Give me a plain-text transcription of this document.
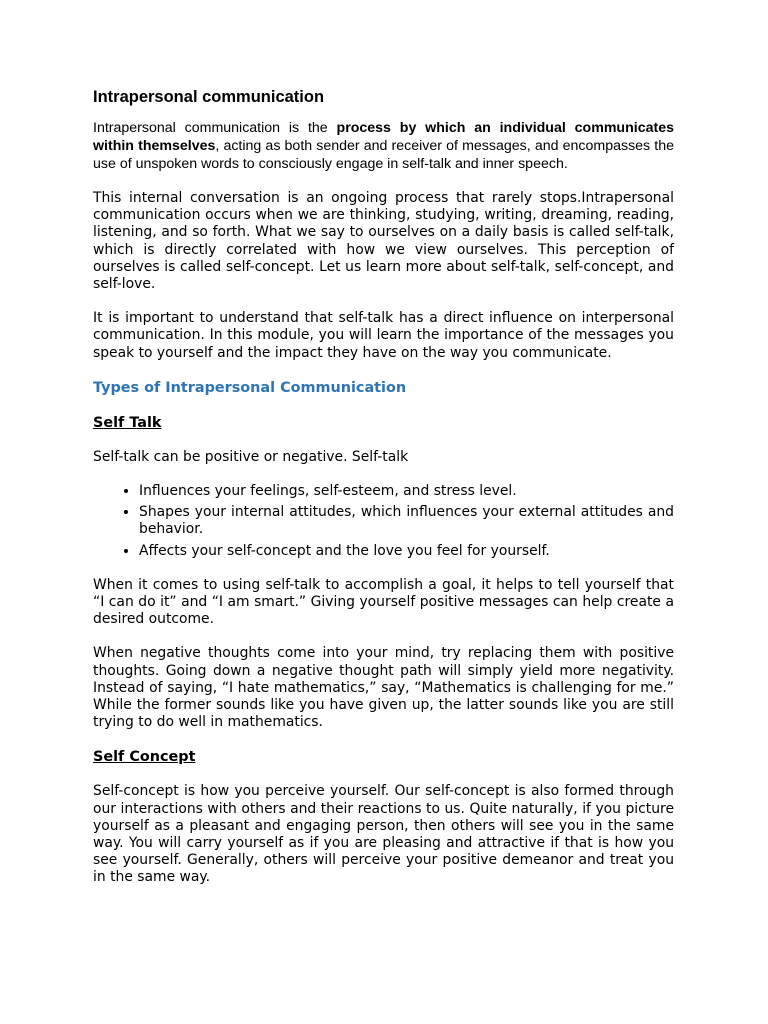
Intrapersonal communication

Intrapersonal communication is the process by which an individual communicates within themselves, acting as both sender and receiver of messages, and encompasses the use of unspoken words to consciously engage in self-talk and inner speech.

This internal conversation is an ongoing process that rarely stops.Intrapersonal communication occurs when we are thinking, studying, writing, dreaming, reading, listening, and so forth. What we say to ourselves on a daily basis is called self-talk, which is directly correlated with how we view ourselves. This perception of ourselves is called self-concept. Let us learn more about self-talk, self-concept, and self-love.

It is important to understand that self-talk has a direct influence on interpersonal communication. In this module, you will learn the importance of the messages you speak to yourself and the impact they have on the way you communicate.

Types of Intrapersonal Communication
Self Talk

Self-talk can be positive or negative. Self-talk

• Influences your feelings, self-esteem, and stress level.
• Shapes your internal attitudes, which influences your external attitudes and behavior.
• Affects your self-concept and the love you feel for yourself.

When it comes to using self-talk to accomplish a goal, it helps to tell yourself that “I can do it” and “I am smart.” Giving yourself positive messages can help create a desired outcome.

When negative thoughts come into your mind, try replacing them with positive thoughts. Going down a negative thought path will simply yield more negativity. Instead of saying, “I hate mathematics,” say, “Mathematics is challenging for me.” While the former sounds like you have given up, the latter sounds like you are still trying to do well in mathematics.

Self Concept

Self-concept is how you perceive yourself. Our self-concept is also formed through our interactions with others and their reactions to us. Quite naturally, if you picture yourself as a pleasant and engaging person, then others will see you in the same way. You will carry yourself as if you are pleasing and attractive if that is how you see yourself. Generally, others will perceive your positive demeanor and treat you in the same way.
